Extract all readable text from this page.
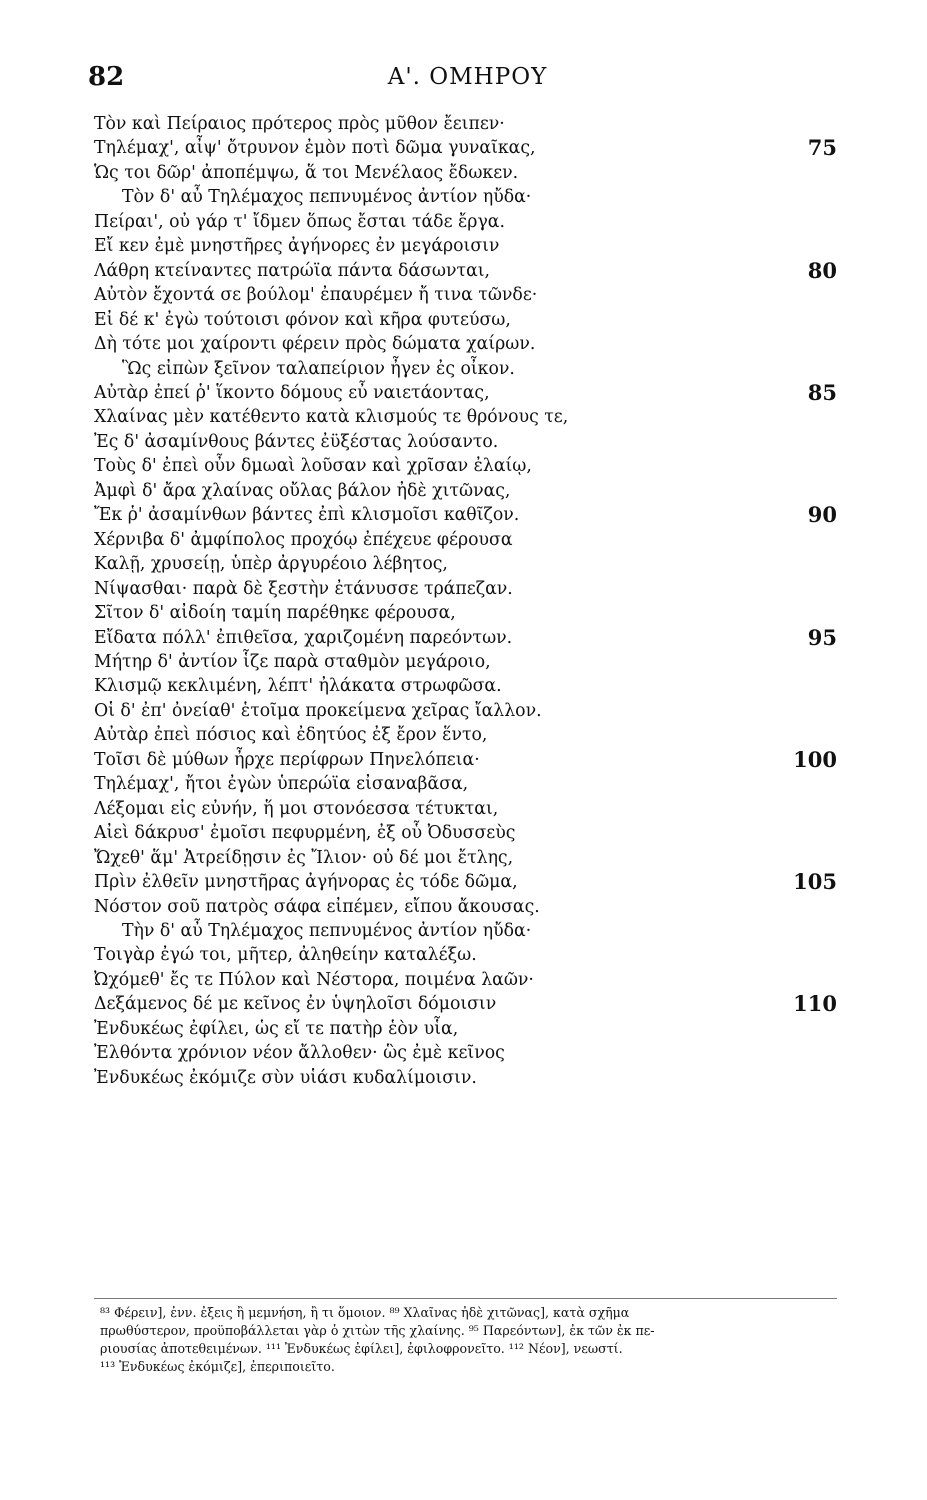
82	Α'. ΟΜΗΡΟΥ
Τὸν καὶ Πείραιος πρότερος πρὸς μῦθον ἔειπεν·
Τηλέμαχ', αἶψ' ὄτρυνον ἐμὸν ποτὶ δῶμα γυναῖκας,	75
Ὡς τοι δῶρ' ἀποπέμψω, ἅ τοι Μενέλαος ἔδωκεν.
Τὸν δ' αὖ Τηλέμαχος πεπνυμένος ἀντίον ηὔδα·
Πείραι', οὐ γάρ τ' ἴδμεν ὅπως ἔσται τάδε ἔργα.
Εἴ κεν ἐμὲ μνηστῆρες ἀγήνορες ἐν μεγάροισιν
Λάθρη κτείναντες πατρώϊα πάντα δάσωνται,	80
Αὐτὸν ἔχοντά σε βούλομ' ἐπαυρέμεν ἤ τινα τῶνδε·
Εἰ δέ κ' ἐγὼ τούτοισι φόνον καὶ κῆρα φυτεύσω,
Δὴ τότε μοι χαίροντι φέρειν πρὸς δώματα χαίρων.
Ὣς εἰπὼν ξεῖνον ταλαπείριον ἦγεν ἐς οἶκον.
Αὐτὰρ ἐπεί ῥ' ἵκοντο δόμους εὖ ναιετάοντας,	85
Χλαίνας μὲν κατέθεντο κατὰ κλισμούς τε θρόνους τε,
Ἐς δ' ἀσαμίνθους βάντες ἐϋξέστας λούσαντο.
Τοὺς δ' ἐπεὶ οὖν δμωαὶ λοῦσαν καὶ χρῖσαν ἐλαίῳ,
Ἀμφὶ δ' ἄρα χλαίνας οὔλας βάλον ἠδὲ χιτῶνας,
Ἔκ ῥ' ἀσαμίνθων βάντες ἐπὶ κλισμοῖσι καθῖζον.	90
Χέρνιβα δ' ἀμφίπολος προχόῳ ἐπέχευε φέρουσα
Καλῇ, χρυσείῃ, ὑπὲρ ἀργυρέοιο λέβητος,
Νίψασθαι· παρὰ δὲ ξεστὴν ἐτάνυσσε τράπεζαν.
Σῖτον δ' αἰδοίη ταμίη παρέθηκε φέρουσα,
Εἴδατα πόλλ' ἐπιθεῖσα, χαριζομένη παρεόντων.	95
Μήτηρ δ' ἀντίον ἷζε παρὰ σταθμὸν μεγάροιο,
Κλισμῷ κεκλιμένη, λέπτ' ἠλάκατα στρωφῶσα.
Οἱ δ' ἐπ' ὀνείαθ' ἑτοῖμα προκείμενα χεῖρας ἴαλλον.
Αὐτὰρ ἐπεὶ πόσιος καὶ ἐδητύος ἐξ ἔρον ἕντο,
Τοῖσι δὲ μύθων ἦρχε περίφρων Πηνελόπεια·	100
Τηλέμαχ', ἤτοι ἐγὼν ὑπερώϊα εἰσαναβᾶσα,
Λέξομαι εἰς εὐνήν, ἥ μοι στονόεσσα τέτυκται,
Αἰεὶ δάκρυσ' ἐμοῖσι πεφυρμένη, ἐξ οὗ Ὀδυσσεὺς
Ὤχεθ' ἅμ' Ἀτρείδῃσιν ἐς Ἴλιον· οὐ δέ μοι ἔτλης,
Πρὶν ἐλθεῖν μνηστῆρας ἀγήνορας ἐς τόδε δῶμα,	105
Νόστον σοῦ πατρὸς σάφα εἰπέμεν, εἴπου ἄκουσας.
Τὴν δ' αὖ Τηλέμαχος πεπνυμένος ἀντίον ηὔδα·
Τοιγὰρ ἐγώ τοι, μῆτερ, ἀληθείην καταλέξω.
Ὠχόμεθ' ἔς τε Πύλον καὶ Νέστορα, ποιμένα λαῶν·
Δεξάμενος δέ με κεῖνος ἐν ὑψηλοῖσι δόμοισιν	110
Ἐνδυκέως ἐφίλει, ὡς εἴ τε πατὴρ ἑὸν υἷα,
Ἐλθόντα χρόνιον νέον ἄλλοθεν· ὣς ἐμὲ κεῖνος
Ἐνδυκέως ἐκόμιζε σὺν υἱάσι κυδαλίμοισιν.
⁸³ Φέρειν], ἐνν. ἐξεις ἢ μεμνήση, ἢ τι ὅμοιον. ⁸⁹ Χλαῖνας ἠδὲ χιτῶνας], κατὰ σχῆμα
πρωθύστερον, προϋποβάλλεται γὰρ ὁ χιτὼν τῆς χλαίνης. ⁹⁵ Παρεόντων], ἐκ τῶν ἐκ πε-
ριουσίας ἀποτεθειμένων. ¹¹¹ Ἐνδυκέως ἐφίλει], ἐφιλοφρονεῖτο. ¹¹² Νέον], νεωστί.
¹¹³ Ἐνδυκέως ἐκόμιζε], ἐπεριποιεῖτο.
